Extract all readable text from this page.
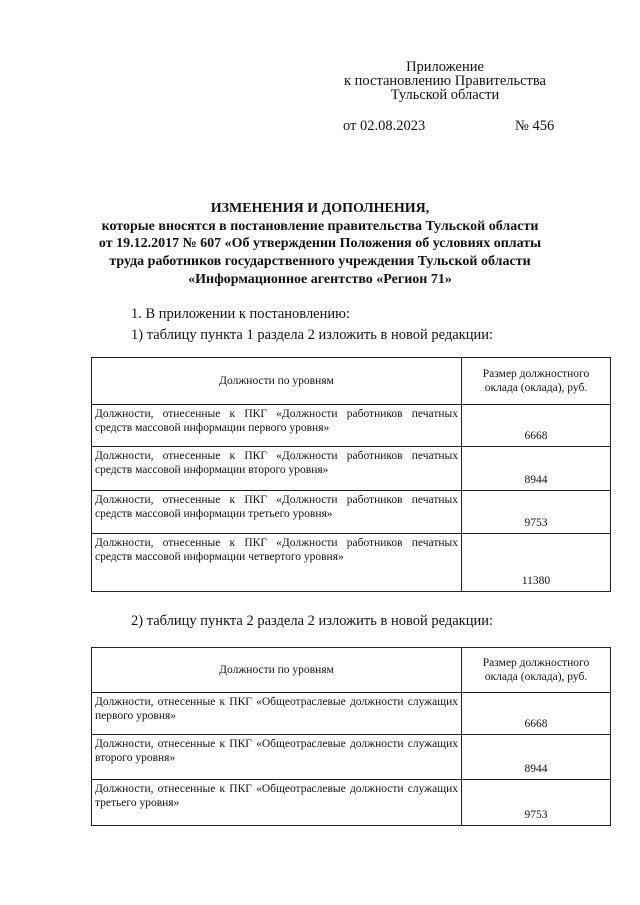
Приложение
к постановлению Правительства
Тульской области
от 02.08.2023	№ 456
ИЗМЕНЕНИЯ И ДОПОЛНЕНИЯ,
которые вносятся в постановление правительства Тульской области
от 19.12.2017 № 607 «Об утверждении Положения об условиях оплаты
труда работников государственного учреждения Тульской области
«Информационное агентство «Регион 71»
1. В приложении к постановлению:
1) таблицу пункта 1 раздела 2 изложить в новой редакции:
Должности по уровням	Размер должностного оклада (оклада), руб.
Должности, отнесенные к ПКГ «Должности работников печатных средств массовой информации первого уровня»	6668
Должности, отнесенные к ПКГ «Должности работников печатных средств массовой информации второго уровня»	8944
Должности, отнесенные к ПКГ «Должности работников печатных средств массовой информации третьего уровня»	9753
Должности, отнесенные к ПКГ «Должности работников печатных средств массовой информации четвертого уровня»	11380
2) таблицу пункта 2 раздела 2 изложить в новой редакции:
Должности по уровням	Размер должностного оклада (оклада), руб.
Должности, отнесенные к ПКГ «Общеотраслевые должности служащих первого уровня»	6668
Должности, отнесенные к ПКГ «Общеотраслевые должности служащих второго уровня»	8944
Должности, отнесенные к ПКГ «Общеотраслевые должности служащих третьего уровня»	9753
